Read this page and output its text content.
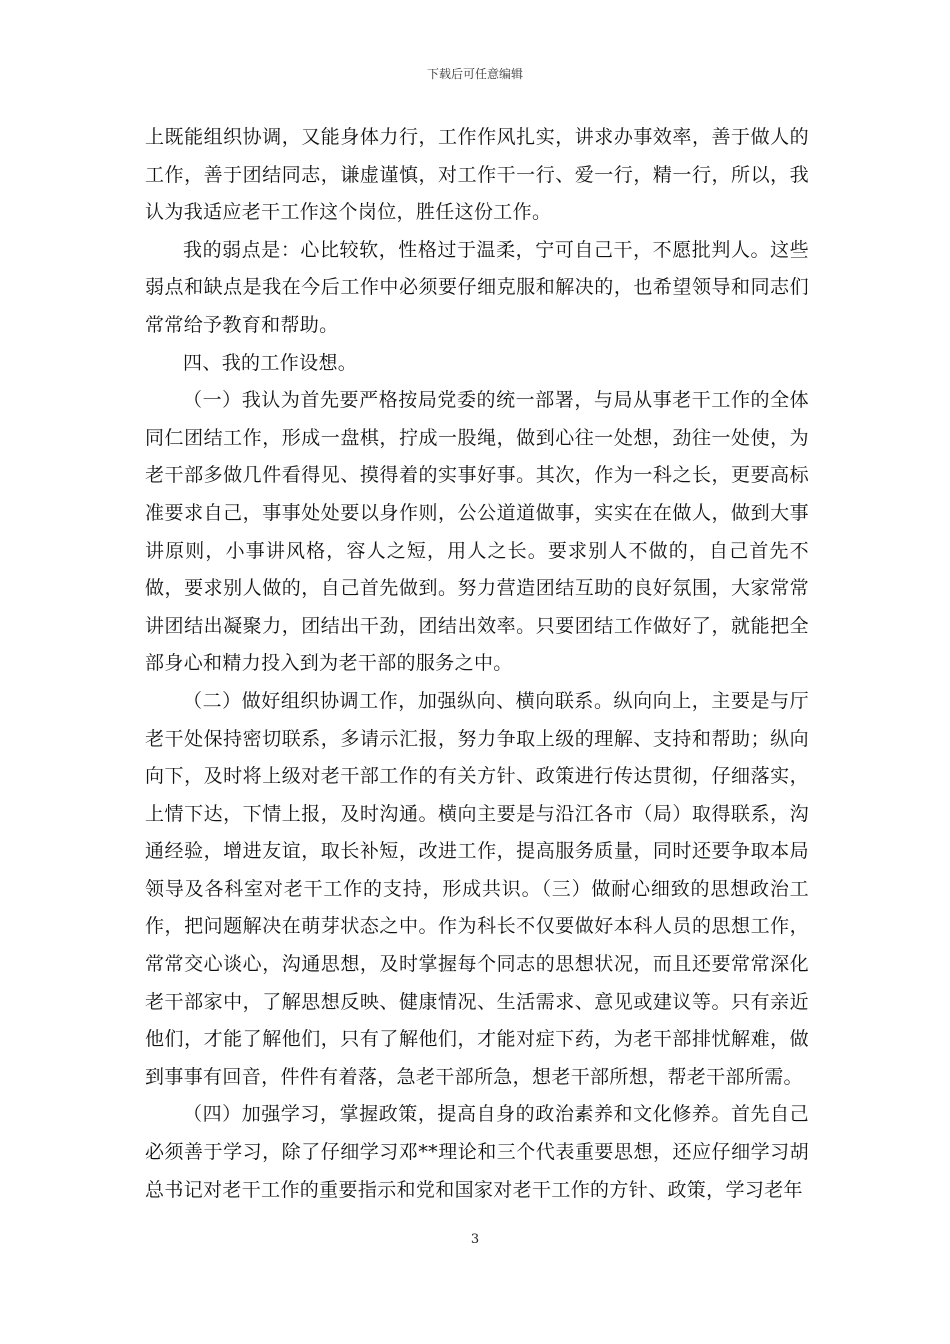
下载后可任意编辑

上既能组织协调，又能身体力行，工作作风扎实，讲求办事效率，善于做人的工作，善于团结同志，谦虚谨慎，对工作干一行、爱一行，精一行，所以，我认为我适应老干工作这个岗位，胜任这份工作。

我的弱点是：心比较软，性格过于温柔，宁可自己干，不愿批判人。这些弱点和缺点是我在今后工作中必须要仔细克服和解决的，也希望领导和同志们常常给予教育和帮助。

四、我的工作设想。

（一）我认为首先要严格按局党委的统一部署，与局从事老干工作的全体同仁团结工作，形成一盘棋，拧成一股绳，做到心往一处想，劲往一处使，为老干部多做几件看得见、摸得着的实事好事。其次，作为一科之长，更要高标准要求自己，事事处处要以身作则，公公道道做事，实实在在做人，做到大事讲原则，小事讲风格，容人之短，用人之长。要求别人不做的，自己首先不做，要求别人做的，自己首先做到。努力营造团结互助的良好氛围，大家常常讲团结出凝聚力，团结出干劲，团结出效率。只要团结工作做好了，就能把全部身心和精力投入到为老干部的服务之中。

（二）做好组织协调工作，加强纵向、横向联系。纵向向上，主要是与厅老干处保持密切联系，多请示汇报，努力争取上级的理解、支持和帮助；纵向向下，及时将上级对老干部工作的有关方针、政策进行传达贯彻，仔细落实，上情下达，下情上报，及时沟通。横向主要是与沿江各市（局）取得联系，沟通经验，增进友谊，取长补短，改进工作，提高服务质量，同时还要争取本局领导及各科室对老干工作的支持，形成共识。（三）做耐心细致的思想政治工作，把问题解决在萌芽状态之中。作为科长不仅要做好本科人员的思想工作，常常交心谈心，沟通思想，及时掌握每个同志的思想状况，而且还要常常深化老干部家中，了解思想反映、健康情况、生活需求、意见或建议等。只有亲近他们，才能了解他们，只有了解他们，才能对症下药，为老干部排忧解难，做到事事有回音，件件有着落，急老干部所急，想老干部所想，帮老干部所需。

（四）加强学习，掌握政策，提高自身的政治素养和文化修养。首先自己必须善于学习，除了仔细学习邓**理论和三个代表重要思想，还应仔细学习胡总书记对老干工作的重要指示和党和国家对老干工作的方针、政策，学习老年

3
